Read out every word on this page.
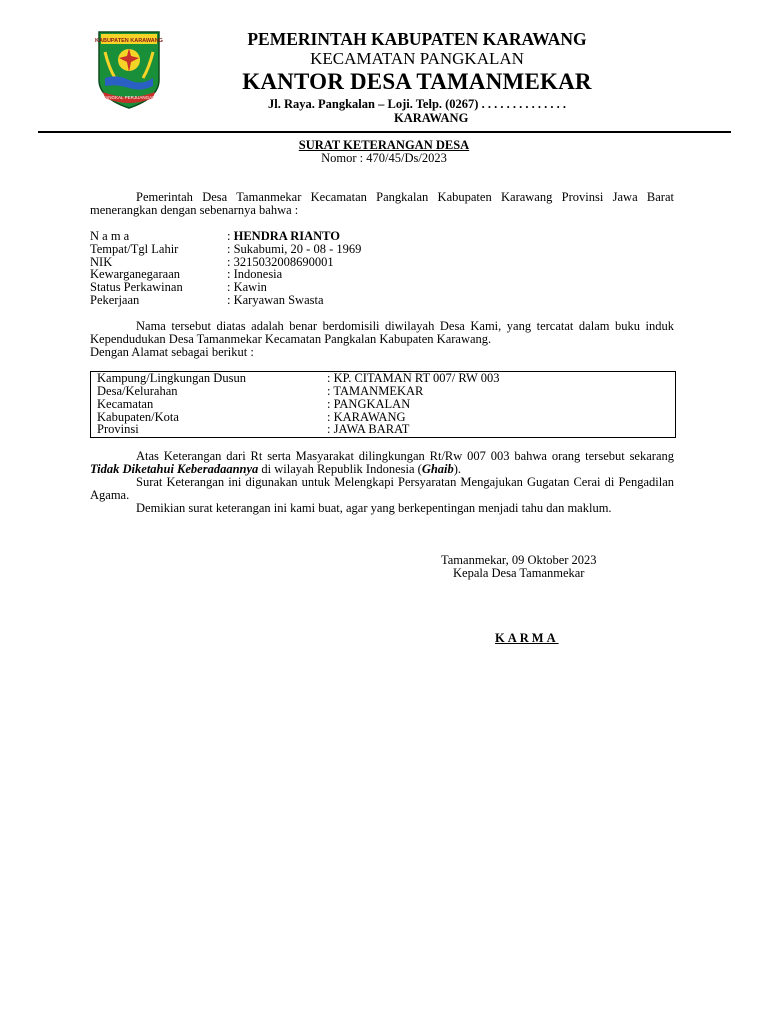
KABUPATEN KARAWANG
PANGKAL PERJUANGAN
PEMERINTAH KABUPATEN KARAWANG
KECAMATAN PANGKALAN
KANTOR DESA TAMANMEKAR
Jl. Raya. Pangkalan – Loji. Telp. (0267) . . . . . . . . . . . . . .
KARAWANG
SURAT KETERANGAN DESA
Nomor : 470/45/Ds/2023
Pemerintah Desa Tamanmekar Kecamatan Pangkalan Kabupaten Karawang Provinsi Jawa Barat menerangkan dengan sebenarnya bahwa :
N a m a	: HENDRA RIANTO
Tempat/Tgl Lahir	: Sukabumi, 20 - 08 - 1969
NIK	: 3215032008690001
Kewarganegaraan	: Indonesia
Status Perkawinan	: Kawin
Pekerjaan	: Karyawan Swasta
Nama tersebut diatas adalah benar berdomisili diwilayah Desa Kami, yang tercatat dalam buku induk Kependudukan Desa Tamanmekar Kecamatan Pangkalan Kabupaten Karawang.
Dengan Alamat sebagai berikut :
Kampung/Lingkungan Dusun	: KP. CITAMAN RT 007/ RW 003
Desa/Kelurahan	: TAMANMEKAR
Kecamatan	: PANGKALAN
Kabupaten/Kota	: KARAWANG
Provinsi	: JAWA BARAT
Atas Keterangan dari Rt serta Masyarakat dilingkungan Rt/Rw 007 003 bahwa orang tersebut sekarang Tidak Diketahui Keberadaannya di wilayah Republik Indonesia (Ghaib).
Surat Keterangan ini digunakan untuk Melengkapi Persyaratan Mengajukan Gugatan Cerai di Pengadilan Agama.
Demikian surat keterangan ini kami buat, agar yang berkepentingan menjadi tahu dan maklum.
Tamanmekar, 09 Oktober 2023
Kepala Desa Tamanmekar
KARMA
